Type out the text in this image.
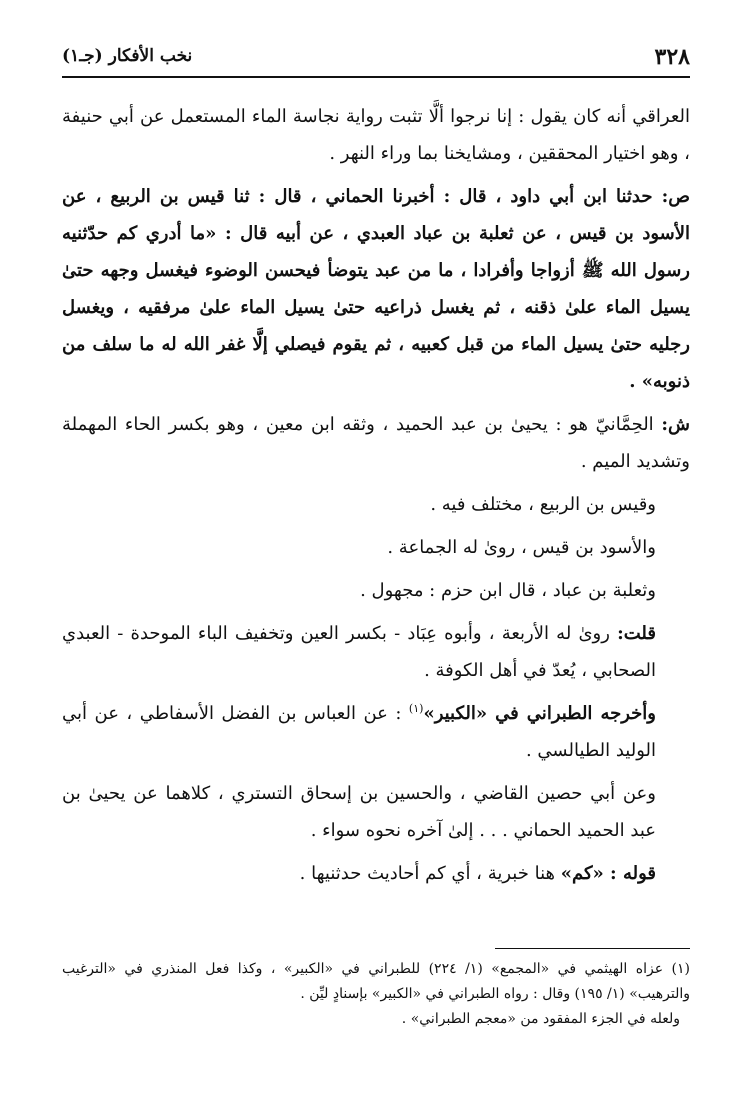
٣٢٨
نخب الأفكار (جـ١)

العراقي أنه كان يقول : إنا نرجوا ألَّا تثبت رواية نجاسة الماء المستعمل عن أبي حنيفة ، وهو اختيار المحققين ، ومشايخنا بما وراء النهر .

ص: حدثنا ابن أبي داود ، قال : أخبرنا الحماني ، قال : ثنا قيس بن الربيع ، عن الأسود بن قيس ، عن ثعلبة بن عباد العبدي ، عن أبيه قال : «ما أدري كم حدّثنيه رسول الله ﷺ أزواجا وأفرادا ، ما من عبد يتوضأ فيحسن الوضوء فيغسل وجهه حتىٰ يسيل الماء علىٰ ذقنه ، ثم يغسل ذراعيه حتىٰ يسيل الماء علىٰ مرفقيه ، ويغسل رجليه حتىٰ يسيل الماء من قبل كعبيه ، ثم يقوم فيصلي إلَّا غفر الله له ما سلف من ذنوبه» .

ش: الحِمَّانيّ هو : يحيىٰ بن عبد الحميد ، وثقه ابن معين ، وهو بكسر الحاء المهملة وتشديد الميم .

وقيس بن الربيع ، مختلف فيه .

والأسود بن قيس ، روىٰ له الجماعة .

وثعلبة بن عباد ، قال ابن حزم : مجهول .

قلت: روىٰ له الأربعة ، وأبوه عِبَاد - بكسر العين وتخفيف الباء الموحدة - العبدي الصحابي ، يُعدّ في أهل الكوفة .

وأخرجه الطبراني في «الكبير»$^{(١)}$ : عن العباس بن الفضل الأسفاطي ، عن أبي الوليد الطيالسي .

وعن أبي حصين القاضي ، والحسين بن إسحاق التستري ، كلاهما عن يحيىٰ بن عبد الحميد الحماني . . . إلىٰ آخره نحوه سواء .

قوله : «كم» هنا خبرية ، أي كم أحاديث حدثنيها .

(١) عزاه الهيثمي في «المجمع» (١/ ٢٢٤) للطبراني في «الكبير» ، وكذا فعل المنذري في «الترغيب والترهيب» (١/ ١٩٥) وقال : رواه الطبراني في «الكبير» بإسنادٍ ليِّن .

ولعله في الجزء المفقود من «معجم الطبراني» .
